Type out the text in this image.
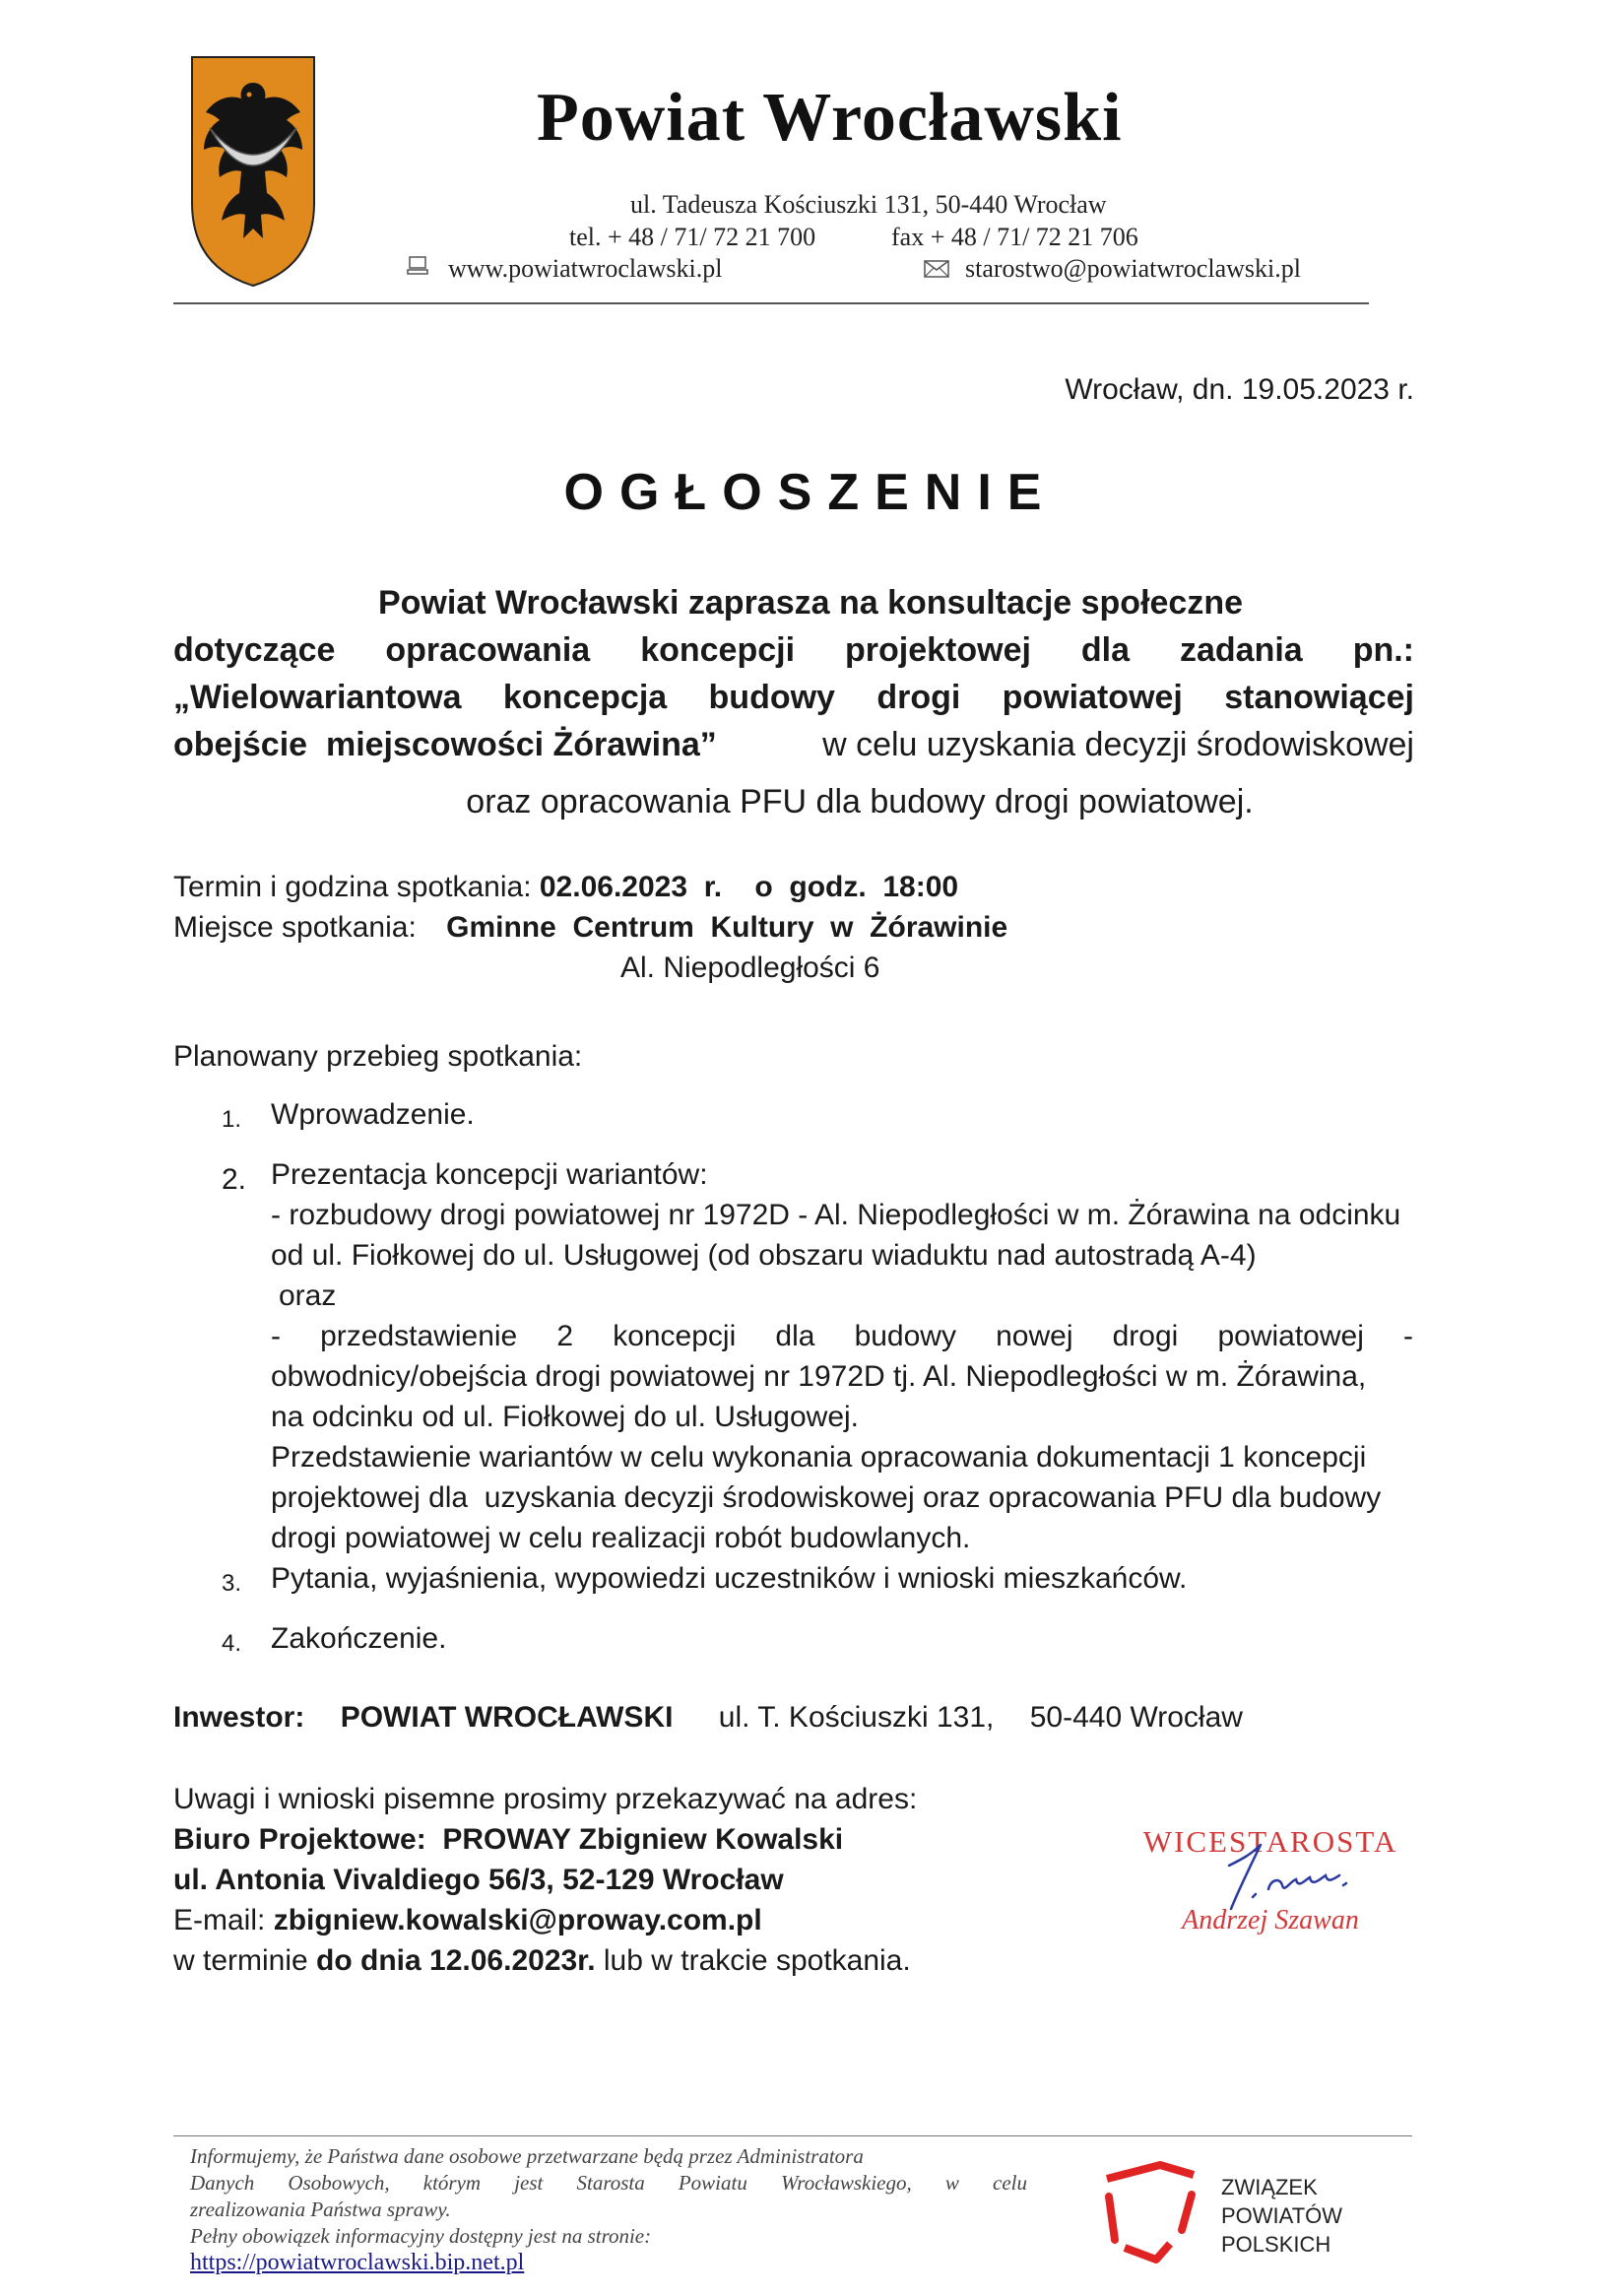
Powiat Wrocławski
ul. Tadeusza Kościuszki 131, 50-440 Wrocław
tel. + 48 / 71/ 72 21 700	fax + 48 / 71/ 72 21 706
www.powiatwroclawski.pl	starostwo@powiatwroclawski.pl
Wrocław, dn. 19.05.2023 r.
OGŁOSZENIE
Powiat Wrocławski zaprasza na konsultacje społeczne
dotyczące opracowania koncepcji projektowej dla zadania pn.:
„Wielowariantowa koncepcja budowy drogi powiatowej stanowiącej
obejście  miejscowości Żórawina”	w celu uzyskania decyzji środowiskowej
oraz opracowania PFU dla budowy drogi powiatowej.
Termin i godzina spotkania: 02.06.2023  r.    o  godz.  18:00
Miejsce spotkania: Gminne  Centrum  Kultury  w  Żórawinie
Al. Niepodległości 6
Planowany przebieg spotkania:
1. Wprowadzenie.
2. Prezentacja koncepcji wariantów:
- rozbudowy drogi powiatowej nr 1972D - Al. Niepodległości w m. Żórawina na odcinku
od ul. Fiołkowej do ul. Usługowej (od obszaru wiaduktu nad autostradą A-4)
oraz
- przedstawienie 2 koncepcji dla budowy nowej drogi powiatowej -
obwodnicy/obejścia drogi powiatowej nr 1972D tj. Al. Niepodległości w m. Żórawina,
na odcinku od ul. Fiołkowej do ul. Usługowej.
Przedstawienie wariantów w celu wykonania opracowania dokumentacji 1 koncepcji
projektowej dla  uzyskania decyzji środowiskowej oraz opracowania PFU dla budowy
drogi powiatowej w celu realizacji robót budowlanych.
3. Pytania, wyjaśnienia, wypowiedzi uczestników i wnioski mieszkańców.
4. Zakończenie.
Inwestor: POWIAT WROCŁAWSKI ul. T. Kościuszki 131, 50-440 Wrocław
Uwagi i wnioski pisemne prosimy przekazywać na adres:
Biuro Projektowe:  PROWAY Zbigniew Kowalski
ul. Antonia Vivaldiego 56/3, 52-129 Wrocław
E-mail: zbigniew.kowalski@proway.com.pl
w terminie do dnia 12.06.2023r. lub w trakcie spotkania.
WICESTAROSTA
Andrzej Szawan
Informujemy, że Państwa dane osobowe przetwarzane będą przez Administratora
Danych Osobowych, którym jest Starosta Powiatu Wrocławskiego, w celu
zrealizowania Państwa sprawy.
Pełny obowiązek informacyjny dostępny jest na stronie:
https://powiatwroclawski.bip.net.pl
ZWIĄZEK
POWIATÓW
POLSKICH
